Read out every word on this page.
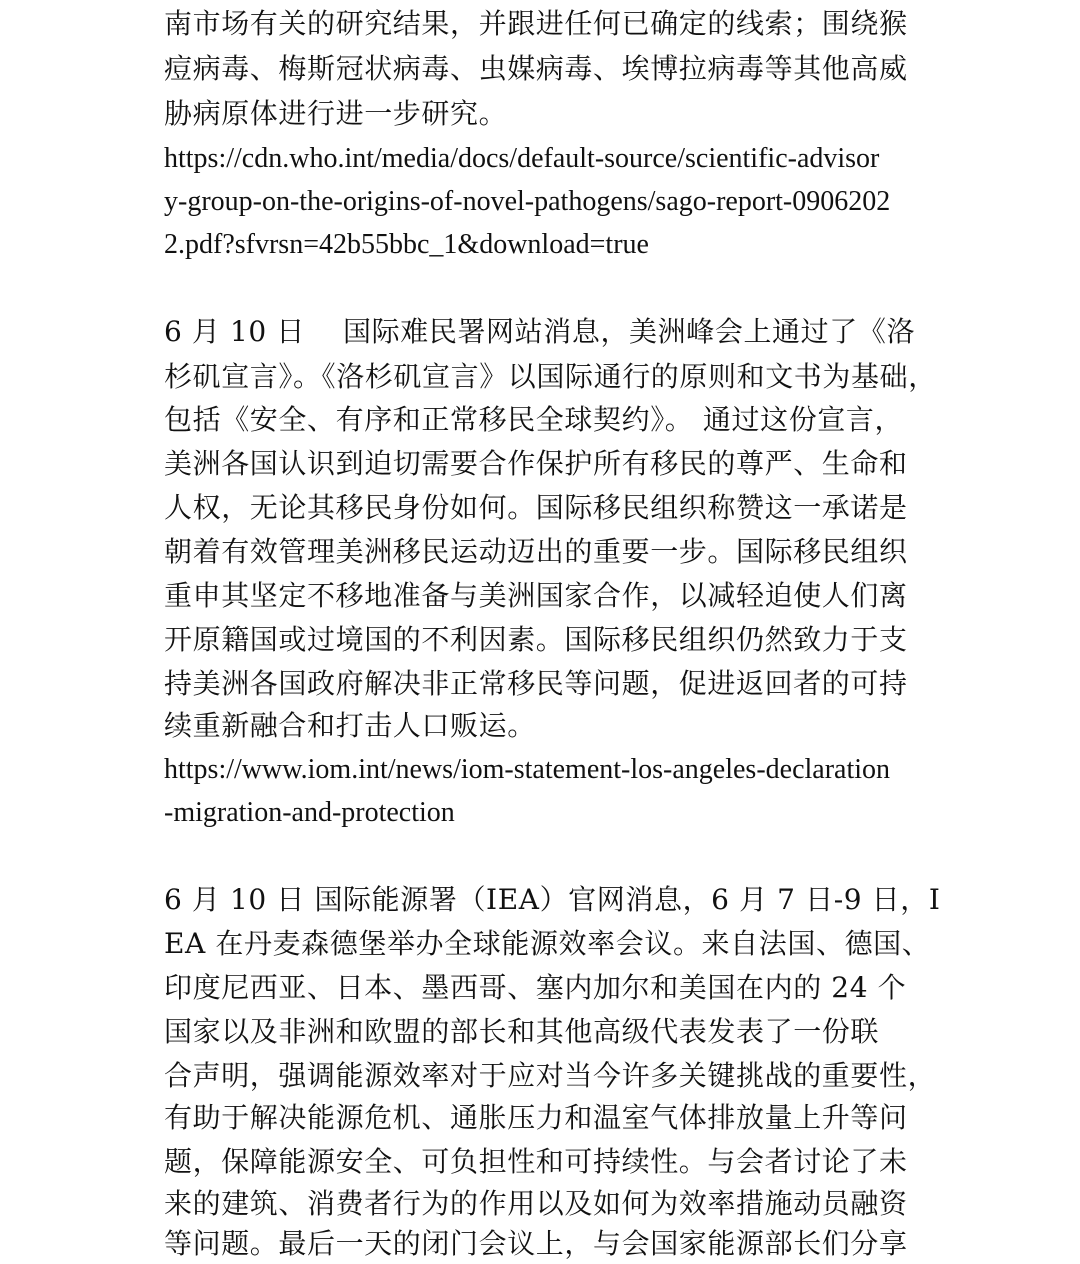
南市场有关的研究结果，并跟进任何已确定的线索；围绕猴
痘病毒、梅斯冠状病毒、虫媒病毒、埃博拉病毒等其他高威
胁病原体进行进一步研究。
https://cdn.who.int/media/docs/default-source/scientific-advisor
y-group-on-the-origins-of-novel-pathogens/sago-report-0906202
2.pdf?sfvrsn=42b55bbc_1&download=true
6 月 10 日　 国际难民署网站消息，美洲峰会上通过了《洛
杉矶宣言》。《洛杉矶宣言》以国际通行的原则和文书为基础，
包括《安全、有序和正常移民全球契约》。 通过这份宣言，
美洲各国认识到迫切需要合作保护所有移民的尊严、生命和
人权，无论其移民身份如何。国际移民组织称赞这一承诺是
朝着有效管理美洲移民运动迈出的重要一步。国际移民组织
重申其坚定不移地准备与美洲国家合作，以减轻迫使人们离
开原籍国或过境国的不利因素。国际移民组织仍然致力于支
持美洲各国政府解决非正常移民等问题，促进返回者的可持
续重新融合和打击人口贩运。
https://www.iom.int/news/iom-statement-los-angeles-declaration
-migration-and-protection
6 月 10 日 国际能源署（IEA）官网消息，6 月 7 日-9 日，I
EA 在丹麦森德堡举办全球能源效率会议。来自法国、德国、
印度尼西亚、日本、墨西哥、塞内加尔和美国在内的 24 个
国家以及非洲和欧盟的部长和其他高级代表发表了一份联
合声明，强调能源效率对于应对当今许多关键挑战的重要性，
有助于解决能源危机、通胀压力和温室气体排放量上升等问
题，保障能源安全、可负担性和可持续性。与会者讨论了未
来的建筑、消费者行为的作用以及如何为效率措施动员融资
等问题。最后一天的闭门会议上，与会国家能源部长们分享
